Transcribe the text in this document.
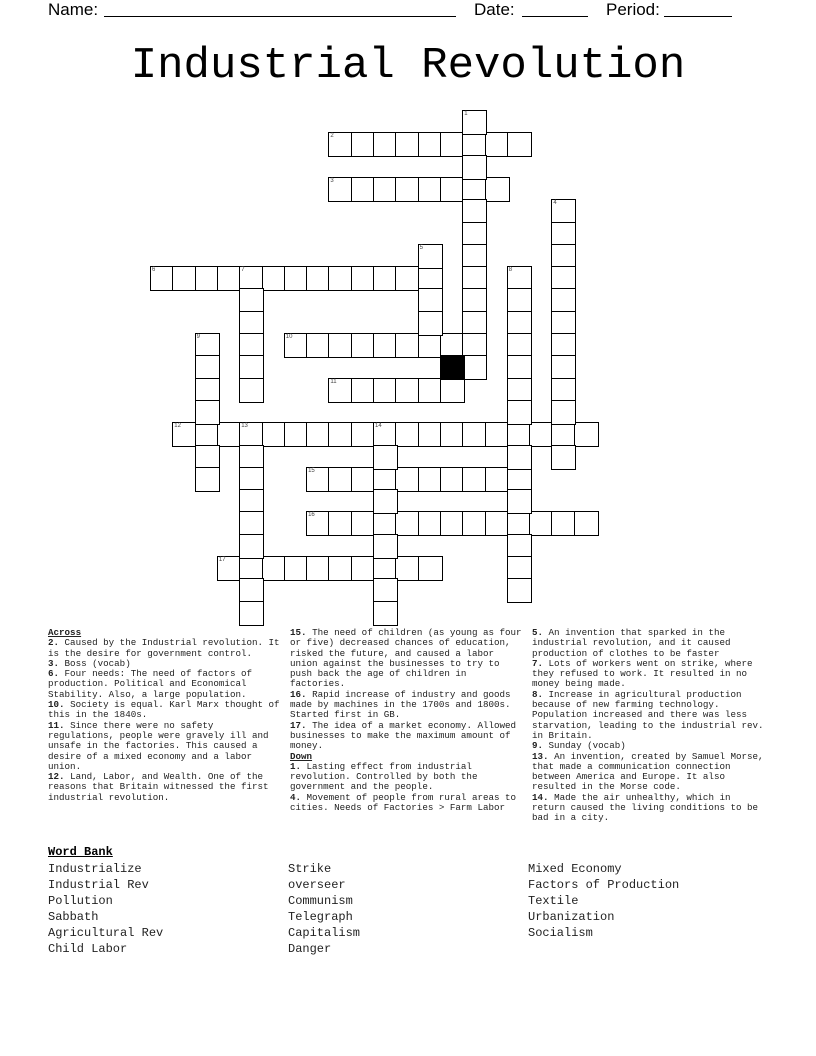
Name:	Date:	Period:
Industrial Revolution
2
3
6	7
10
11
12	13	14
15
16
17
1
4
5
8
9
Across
2. Caused by the Industrial revolution. It is the desire for government control.
3. Boss (vocab)
6. Four needs: The need of factors of production. Political and Economical Stability. Also, a large population.
10. Society is equal. Karl Marx thought of this in the 1840s.
11. Since there were no safety regulations, people were gravely ill and unsafe in the factories. This caused a desire of a mixed economy and a labor union.
12. Land, Labor, and Wealth. One of the reasons that Britain witnessed the first industrial revolution.
15. The need of children (as young as four or five) decreased chances of education, risked the future, and caused a labor union against the businesses to try to push back the age of children in factories.
16. Rapid increase of industry and goods made by machines in the 1700s and 1800s. Started first in GB.
17. The idea of a market economy. Allowed businesses to make the maximum amount of money.
Down
1. Lasting effect from industrial revolution. Controlled by both the government and the people.
4. Movement of people from rural areas to cities. Needs of Factories > Farm Labor
5. An invention that sparked in the industrial revolution, and it caused production of clothes to be faster
7. Lots of workers went on strike, where they refused to work. It resulted in no money being made.
8. Increase in agricultural production because of new farming technology. Population increased and there was less starvation, leading to the industrial rev. in Britain.
9. Sunday (vocab)
13. An invention, created by Samuel Morse, that made a communication connection between America and Europe. It also resulted in the Morse code.
14. Made the air unhealthy, which in return caused the living conditions to be bad in a city.
Word Bank
Industrialize
Industrial Rev
Pollution
Sabbath
Agricultural Rev
Child Labor
Strike
overseer
Communism
Telegraph
Capitalism
Danger
Mixed Economy
Factors of Production
Textile
Urbanization
Socialism
